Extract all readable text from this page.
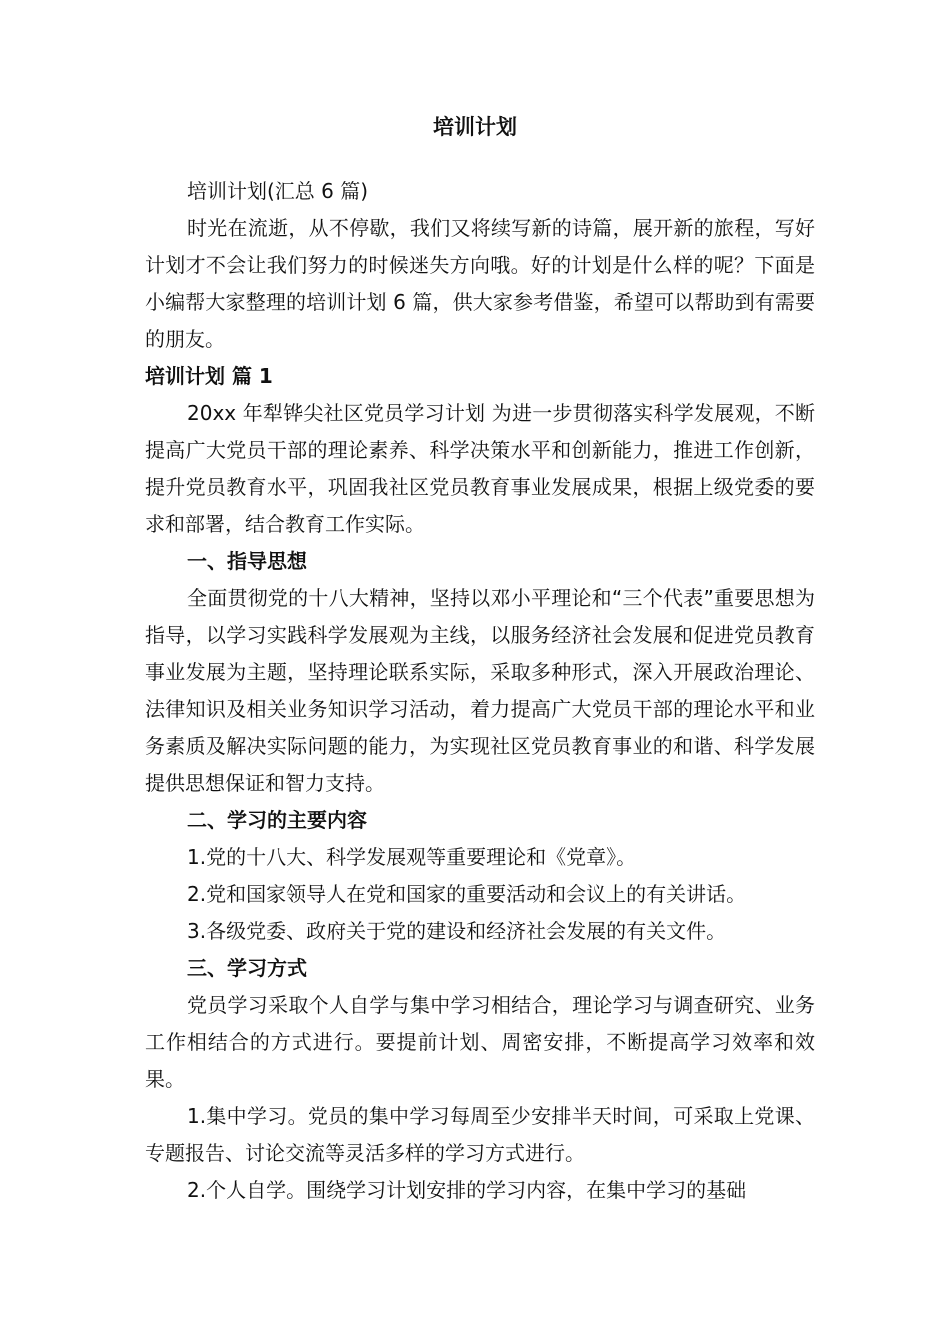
培训计划

培训计划(汇总 6 篇)

时光在流逝，从不停歇，我们又将续写新的诗篇，展开新的旅程，写好计划才不会让我们努力的时候迷失方向哦。好的计划是什么样的呢？下面是小编帮大家整理的培训计划 6 篇，供大家参考借鉴，希望可以帮助到有需要的朋友。

培训计划 篇 1

20xx 年犁铧尖社区党员学习计划 为进一步贯彻落实科学发展观，不断提高广大党员干部的理论素养、科学决策水平和创新能力，推进工作创新，提升党员教育水平，巩固我社区党员教育事业发展成果，根据上级党委的要求和部署，结合教育工作实际。

一、指导思想

全面贯彻党的十八大精神，坚持以邓小平理论和“三个代表”重要思想为指导，以学习实践科学发展观为主线，以服务经济社会发展和促进党员教育事业发展为主题，坚持理论联系实际，采取多种形式，深入开展政治理论、法律知识及相关业务知识学习活动，着力提高广大党员干部的理论水平和业务素质及解决实际问题的能力，为实现社区党员教育事业的和谐、科学发展提供思想保证和智力支持。

二、学习的主要内容

1.党的十八大、科学发展观等重要理论和《党章》。

2.党和国家领导人在党和国家的重要活动和会议上的有关讲话。

3.各级党委、政府关于党的建设和经济社会发展的有关文件。

三、学习方式

党员学习采取个人自学与集中学习相结合，理论学习与调查研究、业务工作相结合的方式进行。要提前计划、周密安排，不断提高学习效率和效果。

1.集中学习。党员的集中学习每周至少安排半天时间，可采取上党课、专题报告、讨论交流等灵活多样的学习方式进行。

2.个人自学。围绕学习计划安排的学习内容，在集中学习的基础
